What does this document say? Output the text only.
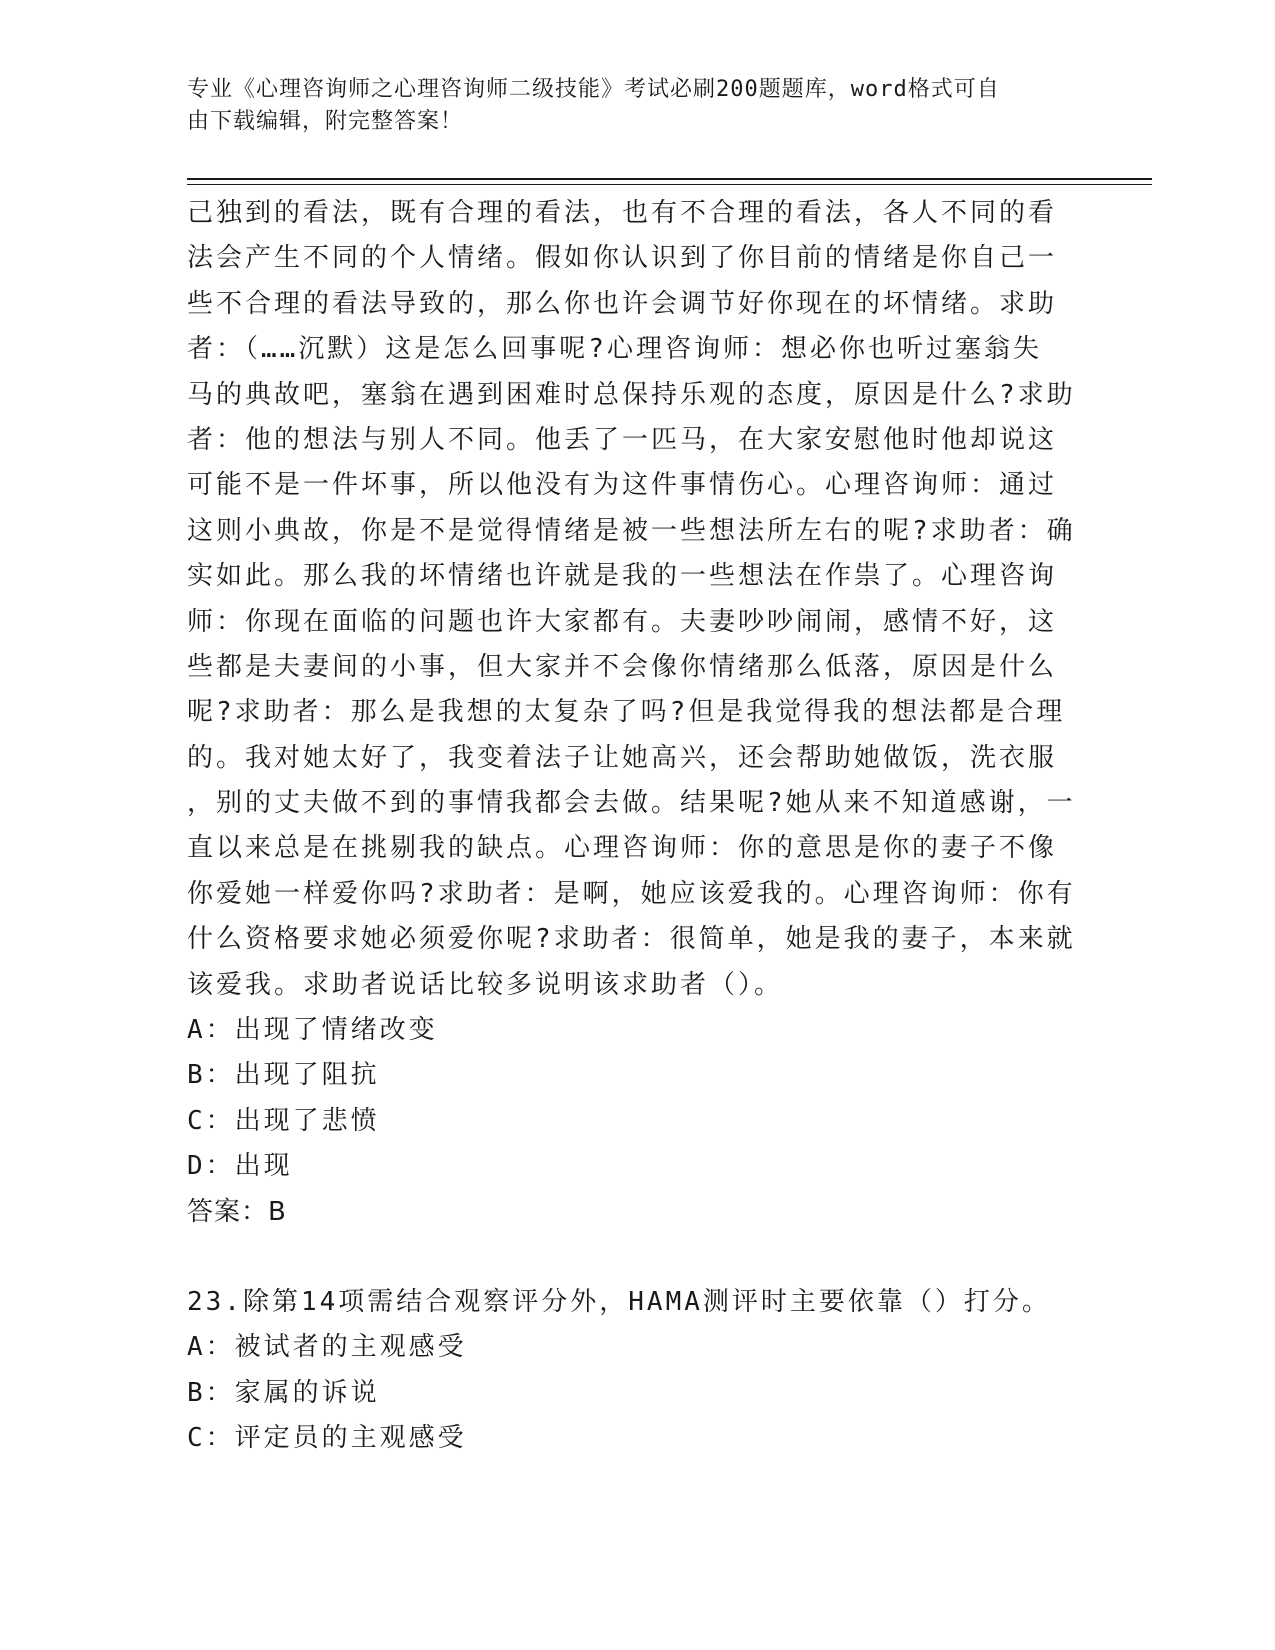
专业《心理咨询师之心理咨询师二级技能》考试必刷200题题库，word格式可自
由下载编辑，附完整答案！
己独到的看法，既有合理的看法，也有不合理的看法，各人不同的看
法会产生不同的个人情绪。假如你认识到了你目前的情绪是你自己一
些不合理的看法导致的，那么你也许会调节好你现在的坏情绪。求助
者：（……沉默）这是怎么回事呢?心理咨询师：想必你也听过塞翁失
马的典故吧，塞翁在遇到困难时总保持乐观的态度，原因是什么?求助
者：他的想法与别人不同。他丢了一匹马，在大家安慰他时他却说这
可能不是一件坏事，所以他没有为这件事情伤心。心理咨询师：通过
这则小典故，你是不是觉得情绪是被一些想法所左右的呢?求助者：确
实如此。那么我的坏情绪也许就是我的一些想法在作祟了。心理咨询
师：你现在面临的问题也许大家都有。夫妻吵吵闹闹，感情不好，这
些都是夫妻间的小事，但大家并不会像你情绪那么低落，原因是什么
呢?求助者：那么是我想的太复杂了吗?但是我觉得我的想法都是合理
的。我对她太好了，我变着法子让她高兴，还会帮助她做饭，洗衣服
，别的丈夫做不到的事情我都会去做。结果呢?她从来不知道感谢，一
直以来总是在挑剔我的缺点。心理咨询师：你的意思是你的妻子不像
你爱她一样爱你吗?求助者：是啊，她应该爱我的。心理咨询师：你有
什么资格要求她必须爱你呢?求助者：很简单，她是我的妻子，本来就
该爱我。求助者说话比较多说明该求助者（）。
A：出现了情绪改变
B：出现了阻抗
C：出现了悲愤
D：出现
答案：B
23.除第14项需结合观察评分外，HAMA测评时主要依靠（）打分。
A：被试者的主观感受
B：家属的诉说
C：评定员的主观感受
